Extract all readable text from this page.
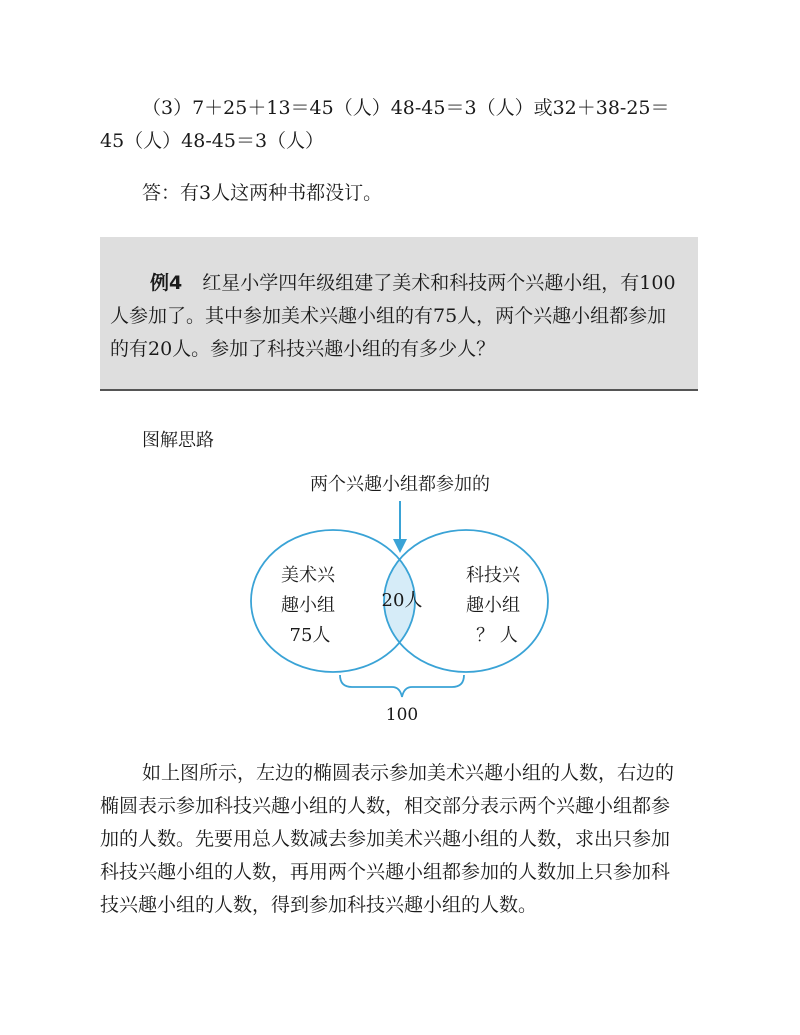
（3）7＋25＋13＝45（人）48-45＝3（人）或32＋38-25＝
45（人）48-45＝3（人）
答：有3人这两种书都没订。
例4 红星小学四年级组建了美术和科技两个兴趣小组，有100
人参加了。其中参加美术兴趣小组的有75人，两个兴趣小组都参加
的有20人。参加了科技兴趣小组的有多少人？
图解思路
两个兴趣小组都参加的
美术兴
趣小组
75人
20人
科技兴
趣小组
？ 人
100
如上图所示，左边的椭圆表示参加美术兴趣小组的人数，右边的
椭圆表示参加科技兴趣小组的人数，相交部分表示两个兴趣小组都参
加的人数。先要用总人数减去参加美术兴趣小组的人数，求出只参加
科技兴趣小组的人数，再用两个兴趣小组都参加的人数加上只参加科
技兴趣小组的人数，得到参加科技兴趣小组的人数。
